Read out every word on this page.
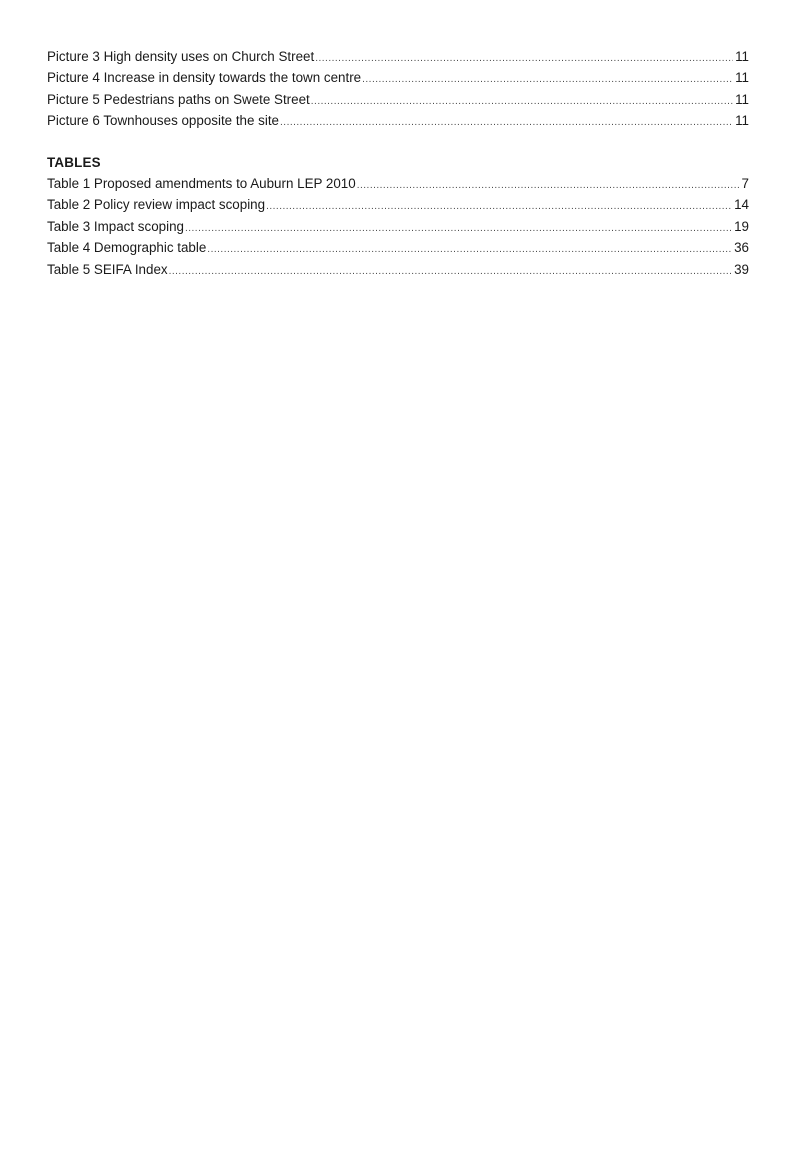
Picture 3 High density uses on Church Street .....	11
Picture 4 Increase in density towards the town centre .....	11
Picture 5 Pedestrians paths on Swete Street .....	11
Picture 6 Townhouses opposite the site .....	11
TABLES
Table 1 Proposed amendments to Auburn LEP 2010 .....	7
Table 2 Policy review impact scoping .....	14
Table 3 Impact scoping .....	19
Table 4 Demographic table .....	36
Table 5 SEIFA Index .....	39
